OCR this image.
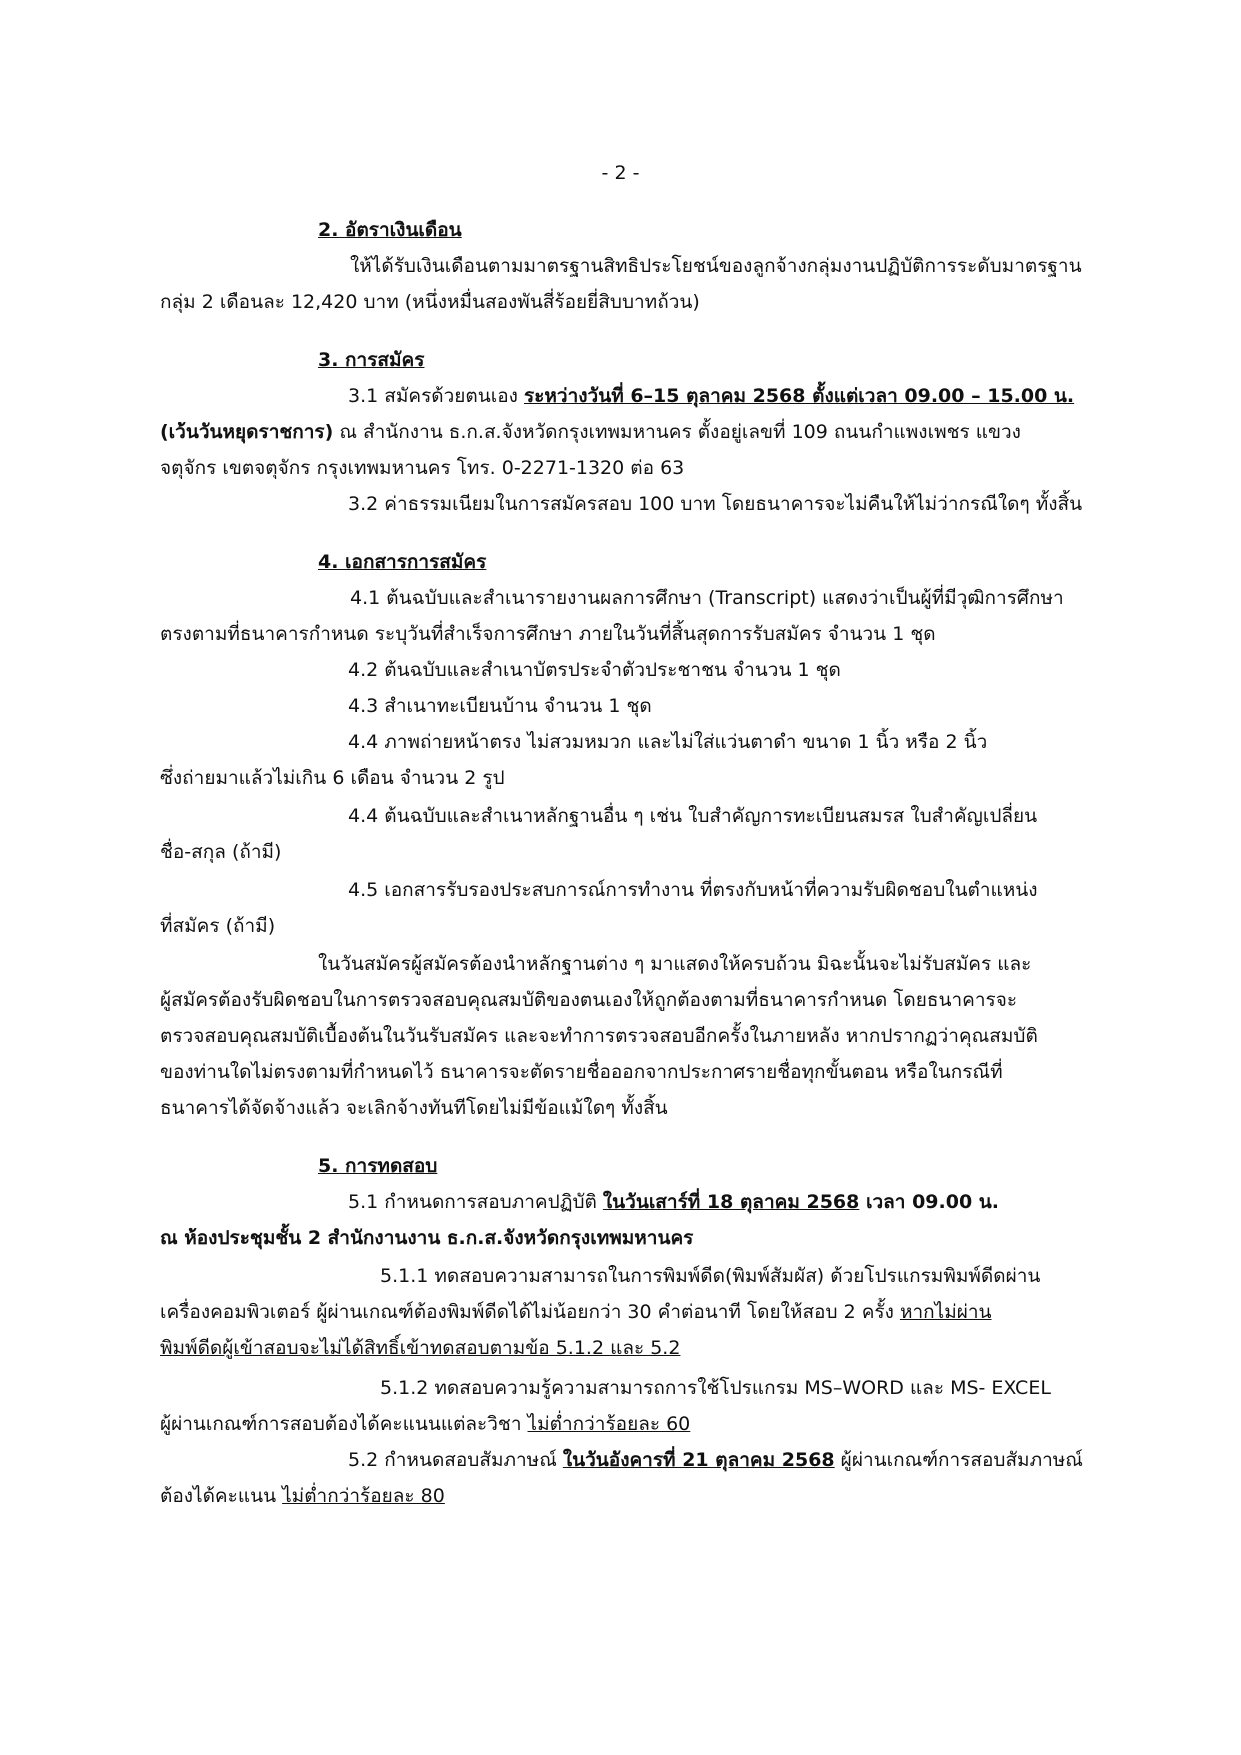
- 2 -
2. อัตราเงินเดือน
ให้ได้รับเงินเดือนตามมาตรฐานสิทธิประโยชน์ของลูกจ้างกลุ่มงานปฏิบัติการระดับมาตรฐาน
กลุ่ม 2 เดือนละ 12,420 บาท (หนึ่งหมื่นสองพันสี่ร้อยยี่สิบบาทถ้วน)
3. การสมัคร
3.1 สมัครด้วยตนเอง ระหว่างวันที่ 6–15 ตุลาคม 2568 ตั้งแต่เวลา 09.00 – 15.00 น.
(เว้นวันหยุดราชการ) ณ สำนักงาน ธ.ก.ส.จังหวัดกรุงเทพมหานคร ตั้งอยู่เลขที่ 109 ถนนกำแพงเพชร แขวง
จตุจักร เขตจตุจักร กรุงเทพมหานคร โทร. 0-2271-1320 ต่อ 63
3.2 ค่าธรรมเนียมในการสมัครสอบ 100 บาท โดยธนาคารจะไม่คืนให้ไม่ว่ากรณีใดๆ ทั้งสิ้น
4. เอกสารการสมัคร
4.1 ต้นฉบับและสำเนารายงานผลการศึกษา (Transcript) แสดงว่าเป็นผู้ที่มีวุฒิการศึกษา
ตรงตามที่ธนาคารกำหนด ระบุวันที่สำเร็จการศึกษา ภายในวันที่สิ้นสุดการรับสมัคร จำนวน 1 ชุด
4.2 ต้นฉบับและสำเนาบัตรประจำตัวประชาชน จำนวน 1 ชุด
4.3 สำเนาทะเบียนบ้าน จำนวน 1 ชุด
4.4 ภาพถ่ายหน้าตรง ไม่สวมหมวก และไม่ใส่แว่นตาดำ ขนาด 1 นิ้ว หรือ 2 นิ้ว
ซึ่งถ่ายมาแล้วไม่เกิน 6 เดือน จำนวน 2 รูป
4.4 ต้นฉบับและสำเนาหลักฐานอื่น ๆ เช่น ใบสำคัญการทะเบียนสมรส ใบสำคัญเปลี่ยน
ชื่อ-สกุล (ถ้ามี)
4.5 เอกสารรับรองประสบการณ์การทำงาน ที่ตรงกับหน้าที่ความรับผิดชอบในตำแหน่ง
ที่สมัคร (ถ้ามี)
ในวันสมัครผู้สมัครต้องนำหลักฐานต่าง ๆ มาแสดงให้ครบถ้วน มิฉะนั้นจะไม่รับสมัคร และ
ผู้สมัครต้องรับผิดชอบในการตรวจสอบคุณสมบัติของตนเองให้ถูกต้องตามที่ธนาคารกำหนด โดยธนาคารจะ
ตรวจสอบคุณสมบัติเบื้องต้นในวันรับสมัคร และจะทำการตรวจสอบอีกครั้งในภายหลัง หากปรากฏว่าคุณสมบัติ
ของท่านใดไม่ตรงตามที่กำหนดไว้ ธนาคารจะตัดรายชื่อออกจากประกาศรายชื่อทุกขั้นตอน หรือในกรณีที่
ธนาคารได้จัดจ้างแล้ว จะเลิกจ้างทันทีโดยไม่มีข้อแม้ใดๆ ทั้งสิ้น
5. การทดสอบ
5.1 กำหนดการสอบภาคปฏิบัติ ในวันเสาร์ที่ 18 ตุลาคม 2568 เวลา 09.00 น.
ณ ห้องประชุมชั้น 2 สำนักงานงาน ธ.ก.ส.จังหวัดกรุงเทพมหานคร
5.1.1 ทดสอบความสามารถในการพิมพ์ดีด(พิมพ์สัมผัส) ด้วยโปรแกรมพิมพ์ดีดผ่าน
เครื่องคอมพิวเตอร์ ผู้ผ่านเกณฑ์ต้องพิมพ์ดีดได้ไม่น้อยกว่า 30 คำต่อนาที โดยให้สอบ 2 ครั้ง หากไม่ผ่าน
พิมพ์ดีดผู้เข้าสอบจะไม่ได้สิทธิ์เข้าทดสอบตามข้อ 5.1.2 และ 5.2
5.1.2 ทดสอบความรู้ความสามารถการใช้โปรแกรม MS–WORD และ MS- EXCEL
ผู้ผ่านเกณฑ์การสอบต้องได้คะแนนแต่ละวิชา ไม่ต่ำกว่าร้อยละ 60
5.2 กำหนดสอบสัมภาษณ์ ในวันอังคารที่ 21 ตุลาคม 2568 ผู้ผ่านเกณฑ์การสอบสัมภาษณ์
ต้องได้คะแนน ไม่ต่ำกว่าร้อยละ 80
